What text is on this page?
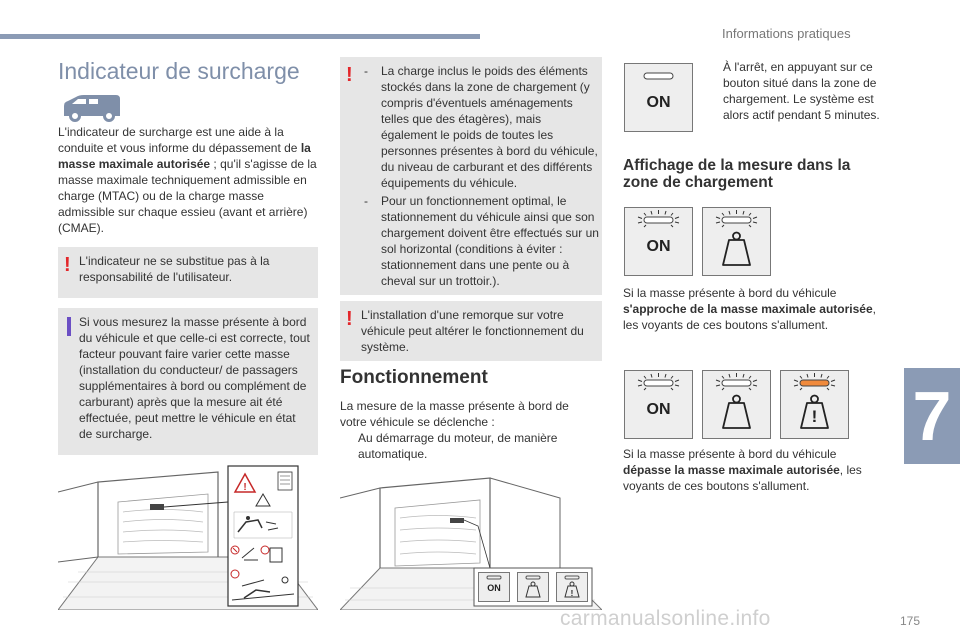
Informations pratiques
7
Indicateur de surcharge
L'indicateur de surcharge est une aide à la conduite et vous informe du dépassement de la masse maximale autorisée ; qu'il s'agisse de la masse maximale techniquement admissible en charge (MTAC) ou de la charge masse admissible sur chaque essieu (avant et arrière) (CMAE).
! L'indicateur ne se substitue pas à la responsabilité de l'utilisateur.
Si vous mesurez la masse présente à bord du véhicule et que celle-ci est correcte, tout facteur pouvant faire varier cette masse (installation du conducteur/ de passagers supplémentaires à bord ou complément de carburant) après que la mesure ait été effectuée, peut mettre le véhicule en état de surcharge.
!
! - La charge inclus le poids des éléments stockés dans la zone de chargement (y compris d'éventuels aménagements telles que des étagères), mais également le poids de toutes les personnes présentes à bord du véhicule, du niveau de carburant et des différents équipements du véhicule.
- Pour un fonctionnement optimal, le stationnement du véhicule ainsi que son chargement doivent être effectués sur un sol horizontal (conditions à éviter : stationnement dans une pente ou à cheval sur un trottoir.).
! L'installation d'une remorque sur votre véhicule peut altérer le fonctionnement du système.
Fonctionnement
La mesure de la masse présente à bord de votre véhicule se déclenche :
Au démarrage du moteur, de manière automatique.
ON
!
ON
À l'arrêt, en appuyant sur ce bouton situé dans la zone de chargement. Le système est alors actif pendant 5 minutes.
Affichage de la mesure dans la zone de chargement
ON
Si la masse présente à bord du véhicule s'approche de la masse maximale autorisée, les voyants de ces boutons s'allument.
ON	!
Si la masse présente à bord du véhicule dépasse la masse maximale autorisée, les voyants de ces boutons s'allument.
carmanualsonline.info	175
